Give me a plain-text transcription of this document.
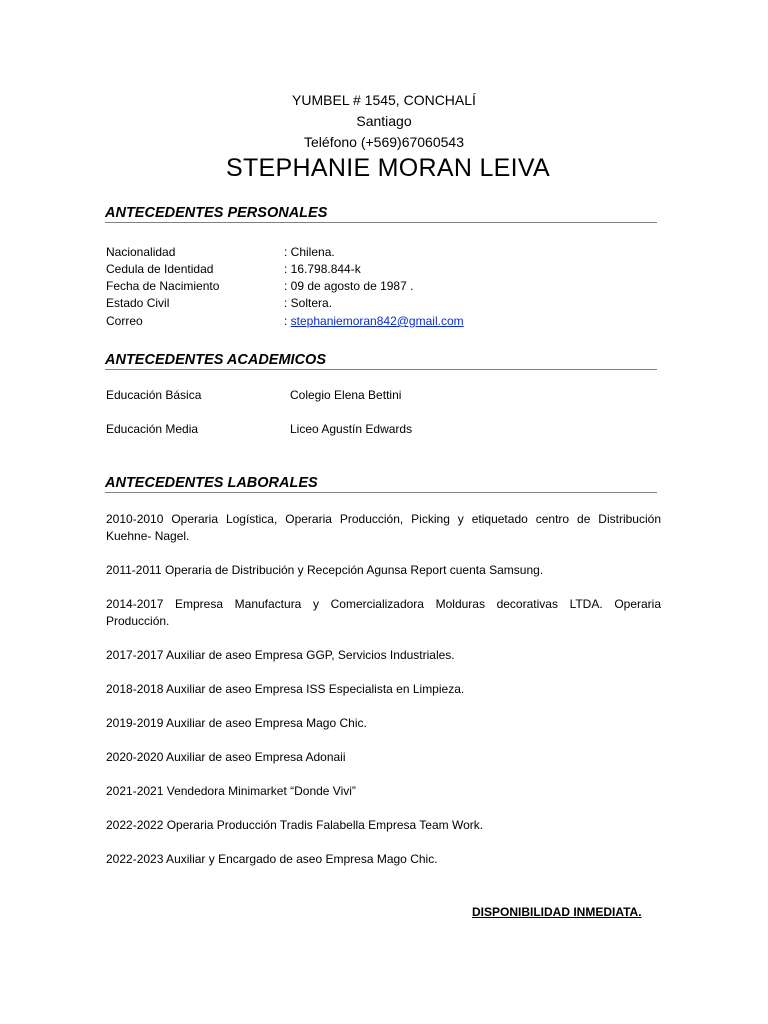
YUMBEL # 1545, CONCHALÍ
Santiago
Teléfono (+569)67060543
STEPHANIE MORAN LEIVA
ANTECEDENTES PERSONALES
Nacionalidad	: Chilena.
Cedula de Identidad	: 16.798.844-k
Fecha de Nacimiento	: 09 de agosto de 1987 .
Estado Civil	: Soltera.
Correo	: stephaniemoran842@gmail.com
ANTECEDENTES ACADEMICOS
Educación Básica	Colegio Elena Bettini
Educación Media	Liceo Agustín Edwards
ANTECEDENTES LABORALES
2010-2010 Operaria Logística, Operaria Producción, Picking y etiquetado centro de Distribución Kuehne- Nagel.
2011-2011 Operaria de Distribución y Recepción Agunsa Report cuenta Samsung.
2014-2017 Empresa Manufactura y Comercializadora Molduras decorativas LTDA. Operaria Producción.
2017-2017 Auxiliar de aseo Empresa GGP, Servicios Industriales.
2018-2018 Auxiliar de aseo Empresa ISS Especialista en Limpieza.
2019-2019 Auxiliar de aseo Empresa Mago Chic.
2020-2020 Auxiliar de aseo Empresa Adonaii
2021-2021 Vendedora Minimarket “Donde Vivi”
2022-2022 Operaria Producción Tradis Falabella Empresa Team Work.
2022-2023 Auxiliar y Encargado de aseo Empresa Mago Chic.
DISPONIBILIDAD INMEDIATA.
